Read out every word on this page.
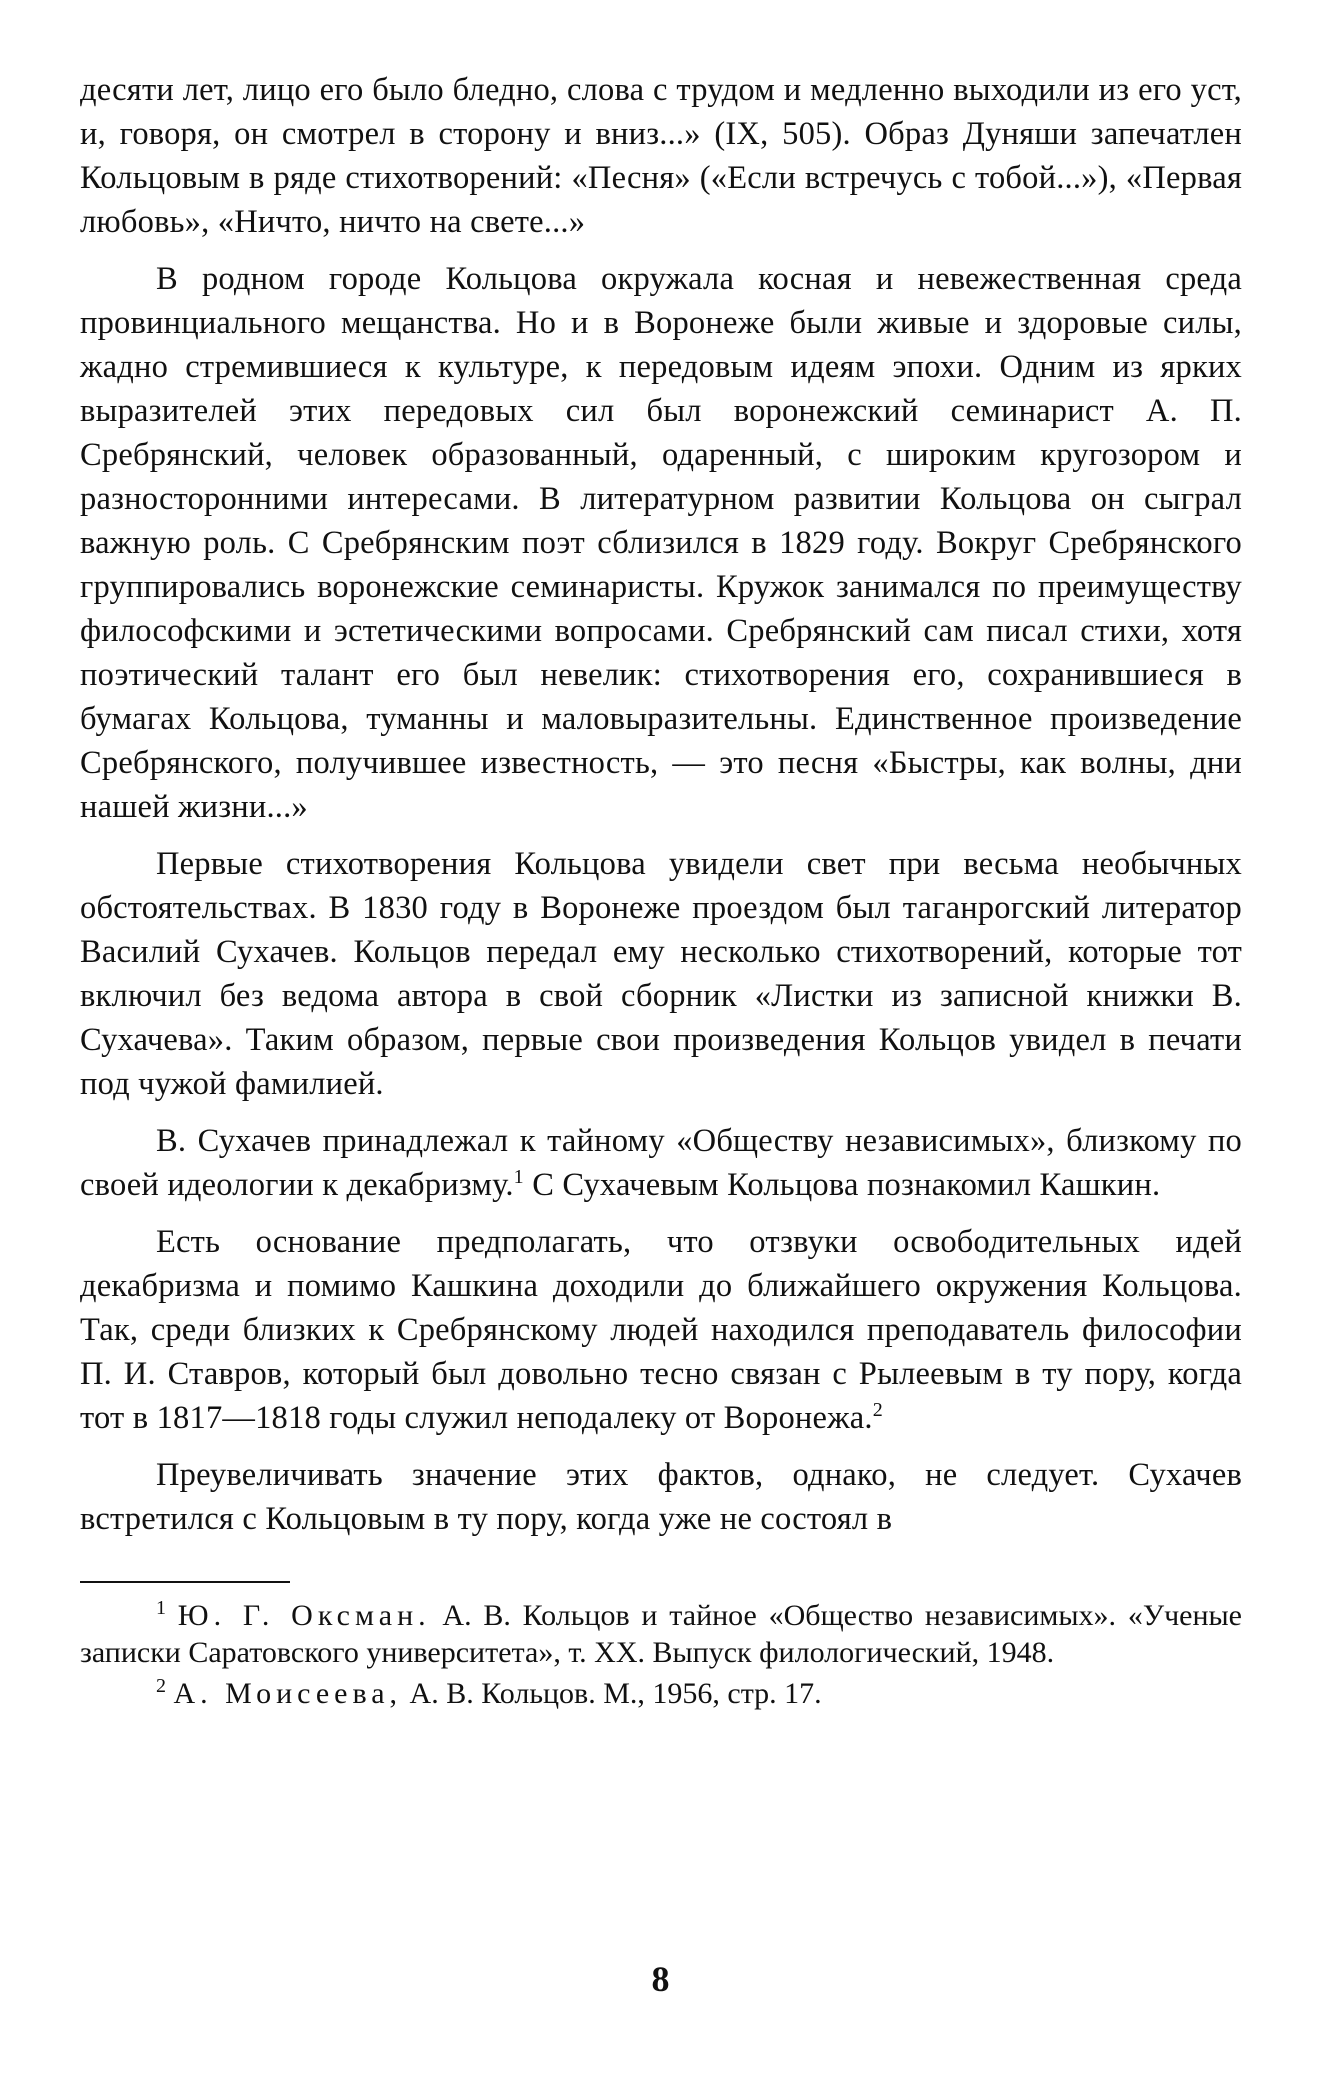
десяти лет, лицо его было бледно, слова с трудом и медленно выходили из его уст, и, говоря, он смотрел в сторону и вниз...» (IX, 505). Образ Дуняши запечатлен Кольцовым в ряде стихотворений: «Песня» («Если встречусь с тобой...»), «Первая любовь», «Ничто, ничто на свете...»

В родном городе Кольцова окружала косная и невежественная среда провинциального мещанства. Но и в Воронеже были живые и здоровые силы, жадно стремившиеся к культуре, к передовым идеям эпохи. Одним из ярких выразителей этих передовых сил был воронежский семинарист А. П. Сребрянский, человек образованный, одаренный, с широким кругозором и разносторонними интересами. В литературном развитии Кольцова он сыграл важную роль. С Сребрянским поэт сблизился в 1829 году. Вокруг Сребрянского группировались воронежские семинаристы. Кружок занимался по преимуществу философскими и эстетическими вопросами. Сребрянский сам писал стихи, хотя поэтический талант его был невелик: стихотворения его, сохранившиеся в бумагах Кольцова, туманны и маловыразительны. Единственное произведение Сребрянского, получившее известность, — это песня «Быстры, как волны, дни нашей жизни...»

Первые стихотворения Кольцова увидели свет при весьма необычных обстоятельствах. В 1830 году в Воронеже проездом был таганрогский литератор Василий Сухачев. Кольцов передал ему несколько стихотворений, которые тот включил без ведома автора в свой сборник «Листки из записной книжки В. Сухачева». Таким образом, первые свои произведения Кольцов увидел в печати под чужой фамилией.

В. Сухачев принадлежал к тайному «Обществу независимых», близкому по своей идеологии к декабризму.$^1$ С Сухачевым Кольцова познакомил Кашкин.

Есть основание предполагать, что отзвуки освободительных идей декабризма и помимо Кашкина доходили до ближайшего окружения Кольцова. Так, среди близких к Сребрянскому людей находился преподаватель философии П. И. Ставров, который был довольно тесно связан с Рылеевым в ту пору, когда тот в 1817—1818 годы служил неподалеку от Воронежа.$^2$

Преувеличивать значение этих фактов, однако, не следует. Сухачев встретился с Кольцовым в ту пору, когда уже не состоял в

$^1$ Ю. Г. Оксман. А. В. Кольцов и тайное «Общество независимых». «Ученые записки Саратовского университета», т. XX. Выпуск филологический, 1948.

$^2$ А. Моисеева, А. В. Кольцов. М., 1956, стр. 17.

8
